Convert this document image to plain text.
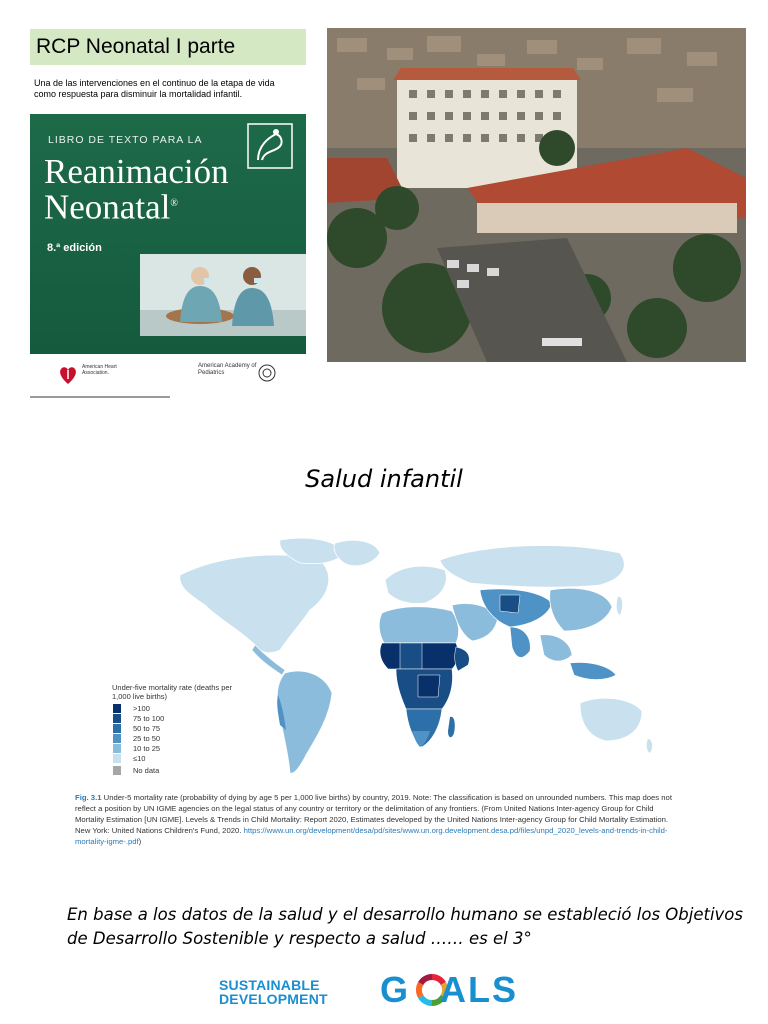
RCP Neonatal I parte
Una de las intervenciones en el continuo de la etapa de vida como respuesta para disminuir la mortalidad infantil.
LIBRO DE TEXTO PARA LA
Reanimación
Neonatal®
8.ª edición
American Heart Association.
American Academy of Pediatrics
Salud infantil
Under-five mortality rate (deaths per 1,000 live births)
>100
75 to 100
50 to 75
25 to 50
10 to 25
≤10
No data
Fig. 3.1 Under-5 mortality rate (probability of dying by age 5 per 1,000 live births) by country, 2019. Note: The classification is based on unrounded numbers. This map does not reflect a position by UN IGME agencies on the legal status of any country or territory or the delimitation of any frontiers. (From United Nations Inter-agency Group for Child Mortality Estimation [UN IGME]. Levels & Trends in Child Mortality: Report 2020, Estimates developed by the United Nations Inter-agency Group for Child Mortality Estimation. New York: United Nations Children's Fund, 2020. https://www.un.org/development/desa/pd/sites/www.un.org.development.desa.pd/files/unpd_2020_levels-and-trends-in-child-mortality-igme-.pdf)
En base a los datos de la salud y el desarrollo humano se estableció los Objetivos de Desarrollo Sostenible y respecto a salud …… es el 3°
SUSTAINABLE
DEVELOPMENT G ALS
